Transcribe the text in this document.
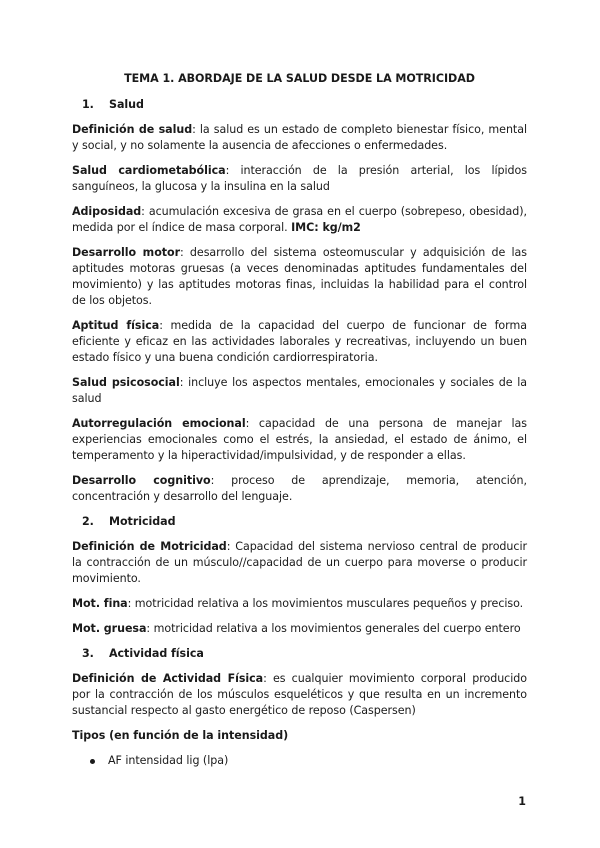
TEMA 1. ABORDAJE DE LA SALUD DESDE LA MOTRICIDAD
1. Salud

Definición de salud: la salud es un estado de completo bienestar físico, mental y social, y no solamente la ausencia de afecciones o enfermedades.

Salud cardiometabólica: interacción de la presión arterial, los lípidos sanguíneos, la glucosa y la insulina en la salud

Adiposidad: acumulación excesiva de grasa en el cuerpo (sobrepeso, obesidad), medida por el índice de masa corporal. IMC: kg/m2

Desarrollo motor: desarrollo del sistema osteomuscular y adquisición de las aptitudes motoras gruesas (a veces denominadas aptitudes fundamentales del movimiento) y las aptitudes motoras finas, incluidas la habilidad para el control de los objetos.

Aptitud física: medida de la capacidad del cuerpo de funcionar de forma eficiente y eficaz en las actividades laborales y recreativas, incluyendo un buen estado físico y una buena condición cardiorrespiratoria.

Salud psicosocial: incluye los aspectos mentales, emocionales y sociales de la salud

Autorregulación emocional: capacidad de una persona de manejar las experiencias emocionales como el estrés, la ansiedad, el estado de ánimo, el temperamento y la hiperactividad/impulsividad, y de responder a ellas.

Desarrollo cognitivo: proceso de aprendizaje, memoria, atención, concentración y desarrollo del lenguaje.

2. Motricidad

Definición de Motricidad: Capacidad del sistema nervioso central de producir la contracción de un músculo//capacidad de un cuerpo para moverse o producir movimiento.

Mot. fina: motricidad relativa a los movimientos musculares pequeños y preciso.

Mot. gruesa: motricidad relativa a los movimientos generales del cuerpo entero

3. Actividad física

Definición de Actividad Física: es cualquier movimiento corporal producido por la contracción de los músculos esqueléticos y que resulta en un incremento sustancial respecto al gasto energético de reposo (Caspersen)

Tipos (en función de la intensidad)

AF intensidad lig (lpa)
1
